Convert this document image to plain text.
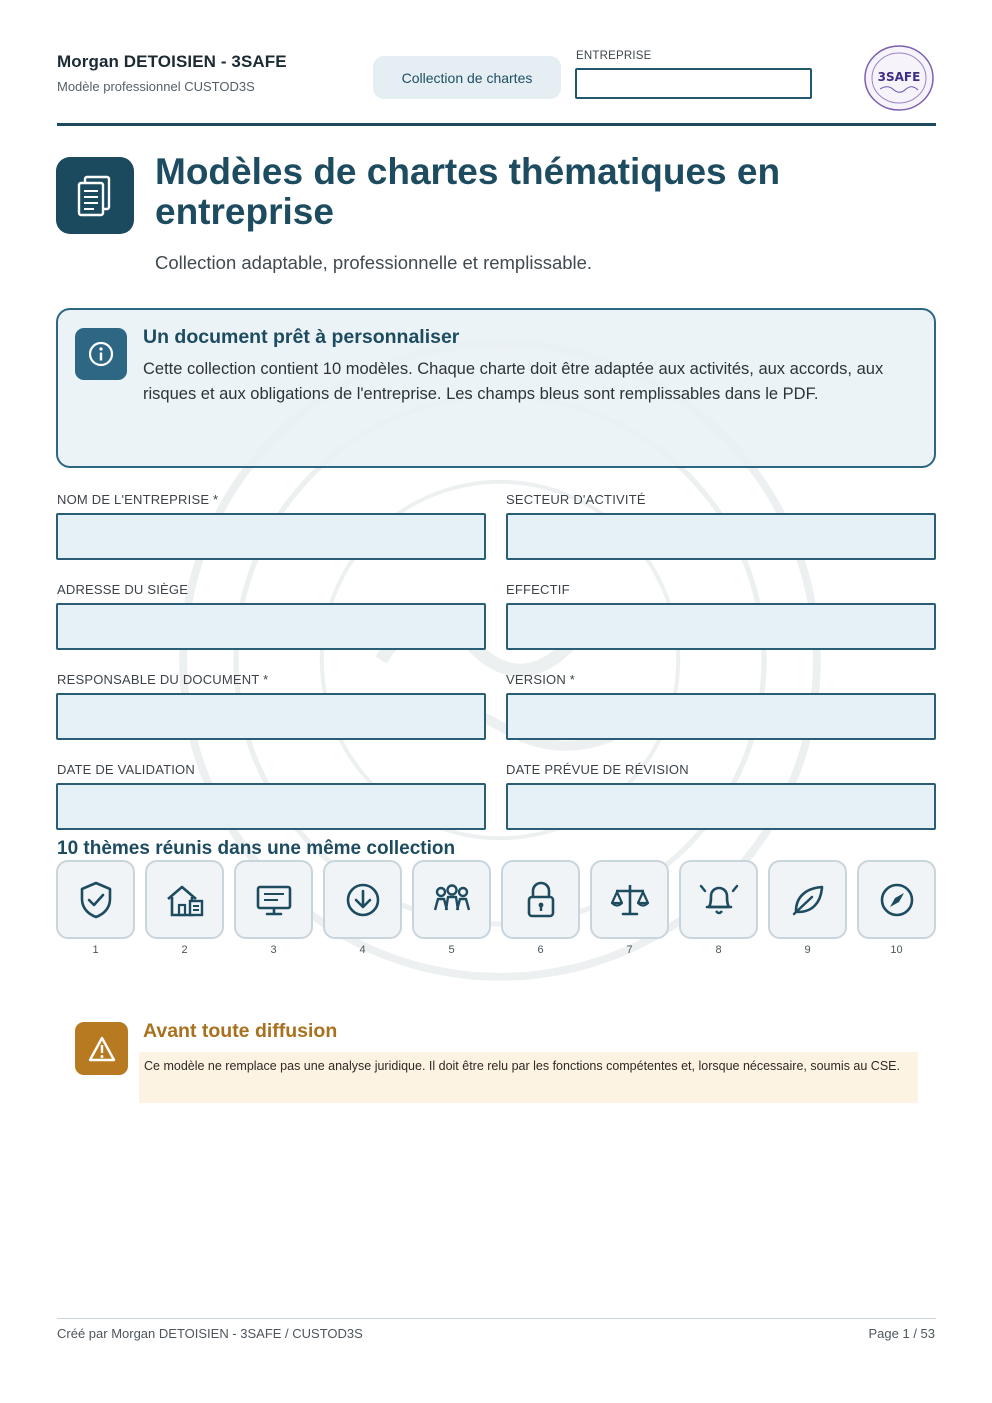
Morgan DETOISIEN - 3SAFE
Modèle professionnel CUSTOD3S
Collection de chartes
ENTREPRISE
3SAFE
Modèles de chartes thématiques en entreprise
Collection adaptable, professionnelle et remplissable.
Un document prêt à personnaliser
Cette collection contient 10 modèles. Chaque charte doit être adaptée aux activités, aux accords, aux risques et aux obligations de l'entreprise. Les champs bleus sont remplissables dans le PDF.
NOM DE L'ENTREPRISE *	SECTEUR D'ACTIVITÉ
ADRESSE DU SIÈGE	EFFECTIF
RESPONSABLE DU DOCUMENT *	VERSION *
DATE DE VALIDATION	DATE PRÉVUE DE RÉVISION
10 thèmes réunis dans une même collection
1	2	3	4	5	6	7	8	9	10
Avant toute diffusion
Ce modèle ne remplace pas une analyse juridique. Il doit être relu par les fonctions compétentes et, lorsque nécessaire, soumis au CSE.
Créé par Morgan DETOISIEN - 3SAFE / CUSTOD3S	Page 1 / 53
